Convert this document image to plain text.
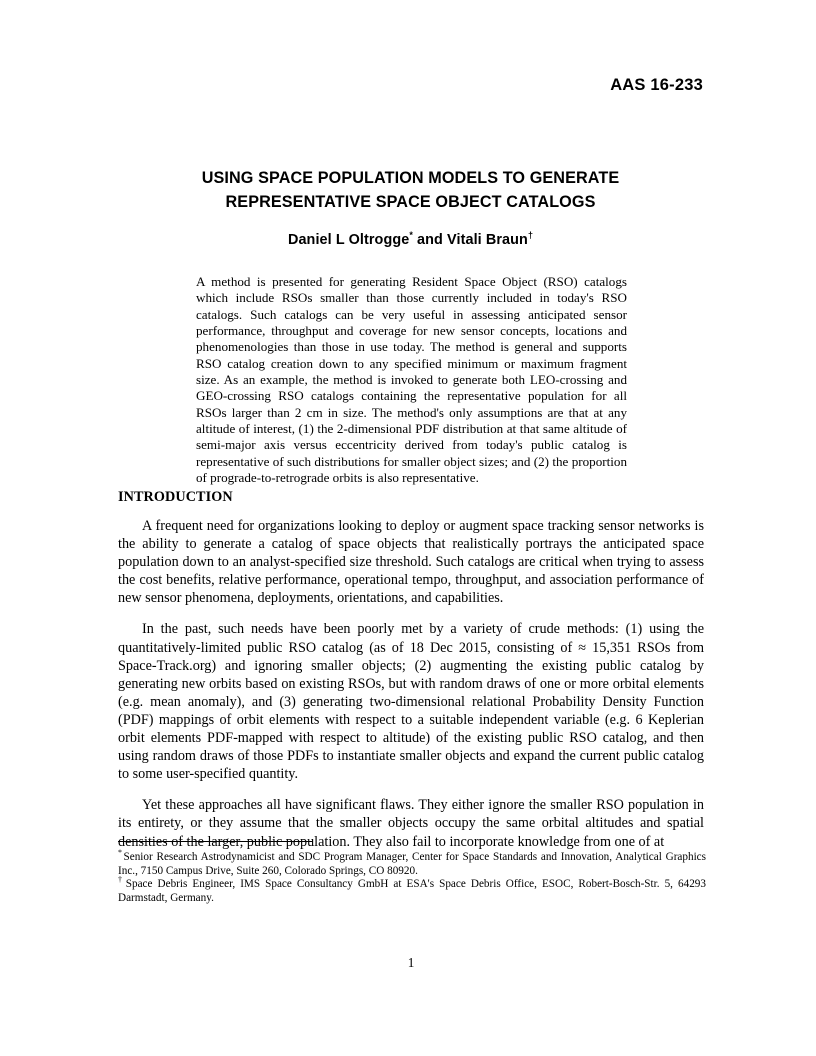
AAS 16-233
USING SPACE POPULATION MODELS TO GENERATE
REPRESENTATIVE SPACE OBJECT CATALOGS
Daniel L Oltrogge* and Vitali Braun†
A method is presented for generating Resident Space Object (RSO) catalogs which include RSOs smaller than those currently included in today's RSO catalogs. Such catalogs can be very useful in assessing anticipated sensor performance, throughput and coverage for new sensor concepts, locations and phenomenologies than those in use today. The method is general and supports RSO catalog creation down to any specified minimum or maximum fragment size. As an example, the method is invoked to generate both LEO-crossing and GEO-crossing RSO catalogs containing the representative population for all RSOs larger than 2 cm in size. The method's only assumptions are that at any altitude of interest, (1) the 2-dimensional PDF distribution at that same altitude of semi-major axis versus eccentricity derived from today's public catalog is representative of such distributions for smaller object sizes; and (2) the proportion of prograde-to-retrograde orbits is also representative.
INTRODUCTION

A frequent need for organizations looking to deploy or augment space tracking sensor networks is the ability to generate a catalog of space objects that realistically portrays the anticipated space population down to an analyst-specified size threshold. Such catalogs are critical when trying to assess the cost benefits, relative performance, operational tempo, throughput, and association performance of new sensor phenomena, deployments, orientations, and capabilities.

In the past, such needs have been poorly met by a variety of crude methods: (1) using the quantitatively-limited public RSO catalog (as of 18 Dec 2015, consisting of ≈ 15,351 RSOs from Space-Track.org) and ignoring smaller objects; (2) augmenting the existing public catalog by generating new orbits based on existing RSOs, but with random draws of one or more orbital elements (e.g. mean anomaly), and (3) generating two-dimensional relational Probability Density Function (PDF) mappings of orbit elements with respect to a suitable independent variable (e.g. 6 Keplerian orbit elements PDF-mapped with respect to altitude) of the existing public RSO catalog, and then using random draws of those PDFs to instantiate smaller objects and expand the current public catalog to some user-specified quantity.

Yet these approaches all have significant flaws. They either ignore the smaller RSO population in its entirety, or they assume that the smaller objects occupy the same orbital altitudes and spatial densities of the larger, public population. They also fail to incorporate knowledge from one of at

* Senior Research Astrodynamicist and SDC Program Manager, Center for Space Standards and Innovation, Analytical Graphics Inc., 7150 Campus Drive, Suite 260, Colorado Springs, CO 80920.

† Space Debris Engineer, IMS Space Consultancy GmbH at ESA's Space Debris Office, ESOC, Robert-Bosch-Str. 5, 64293 Darmstadt, Germany.

1
